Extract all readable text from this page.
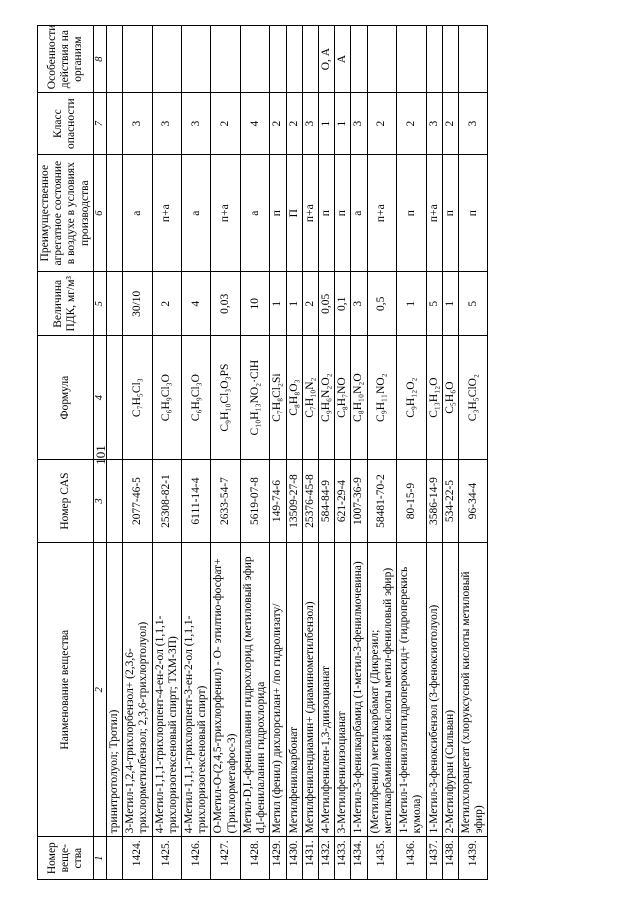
101
Номер веще-ства	Наименование вещества	Номер CAS	Формула	Величина ПДК, мг/м³	Преимущественное агрегатное состояние в воздухе в условиях производства	Класс опасности	Особенности действия на организм
1	2	3	4	5	6	7	8
	тринитротолуол; Тротил)						
1424.	3-Метил-1,2,4-трихлорбензол+ (2,3,6-трихлорметилбензол; 2,3,6-трихлортолуол)	2077-46-5	C₇H₅Cl₃	30/10	а	3	
1425.	4-Метил-1,1,1-трихлорпент-4-ен-2-ол (1,1,1-трихлоризогексеновый спирт; ТХМ-3П)	25308-82-1	C₆H₉Cl₃O	2	п+а	3	
1426.	4-Метил-1,1,1-трихлорпент-3-ен-2-ол (1,1,1-трихлоризогексеновый спирт)	6111-14-4	C₆H₉Cl₃O	4	а	3	
1427.	O-Метил-O-(2,4,5-трихлорфенил) - O- этилтио-фосфат+ (Трихлорметафос-3)	2633-54-7	C₉H₁₀Cl₃O₃PS	0,03	п+а	2	
1428.	Метил-D,L-фенилаланин гидрохлорид (метиловый эфир d,l-фенилаланин гидрохлорида	5619-07-8	C₁₀H₁₃NO₂·ClH	10	а	4	
1429.	Метил (фенил) дихлорсилан+ /по гидролизату/	149-74-6	C₇H₈Cl₂Si	1	п	2	
1430.	Метилфенилкарбонат	13509-27-8	C₈H₈O₃	1	П	2	
1431.	Метилфенилендиамин+ (диаминометилбензол)	25376-45-8	C₇H₁₀N₂	2	п+а	3	
1432.	4-Метилфенилен-1,3-диизоцианат	584-84-9	C₉H₆N₂O₂	0,05	п	1	О, А
1433.	3-Метилфенилизоцианат	621-29-4	C₈H₇NO	0,1	п	1	А
1434.	1-Метил-3-фенилкарбамид (1-метил-3-фенилмочевина)	1007-36-9	C₈H₁₀N₂O	3	а	3	
1435.	(Метилфенил) метилкарбамат (Дикрезил; метилкарбаминовой кислоты метил-фениловый эфир)	58481-70-2	C₉H₁₁NO₂	0,5	п+а	2	
1436.	1-Метил-1-фенилэтилгидропероксид+ (гидроперекись кумола)	80-15-9	C₉H₁₂O₂	1	п	2	
1437.	1-Метил-3-феноксибензол (3-феноксиотолуол)	3586-14-9	C₁₃H₁₂O	5	п+а	3	
1438.	2-Метилфуран (Сильван)	534-22-5	C₅H₆O	1	п	2	
1439.	Метилхлорацетат (хлоруксусной кислоты метиловый эфир)	96-34-4	C₃H₅ClO₂	5	п	3	
